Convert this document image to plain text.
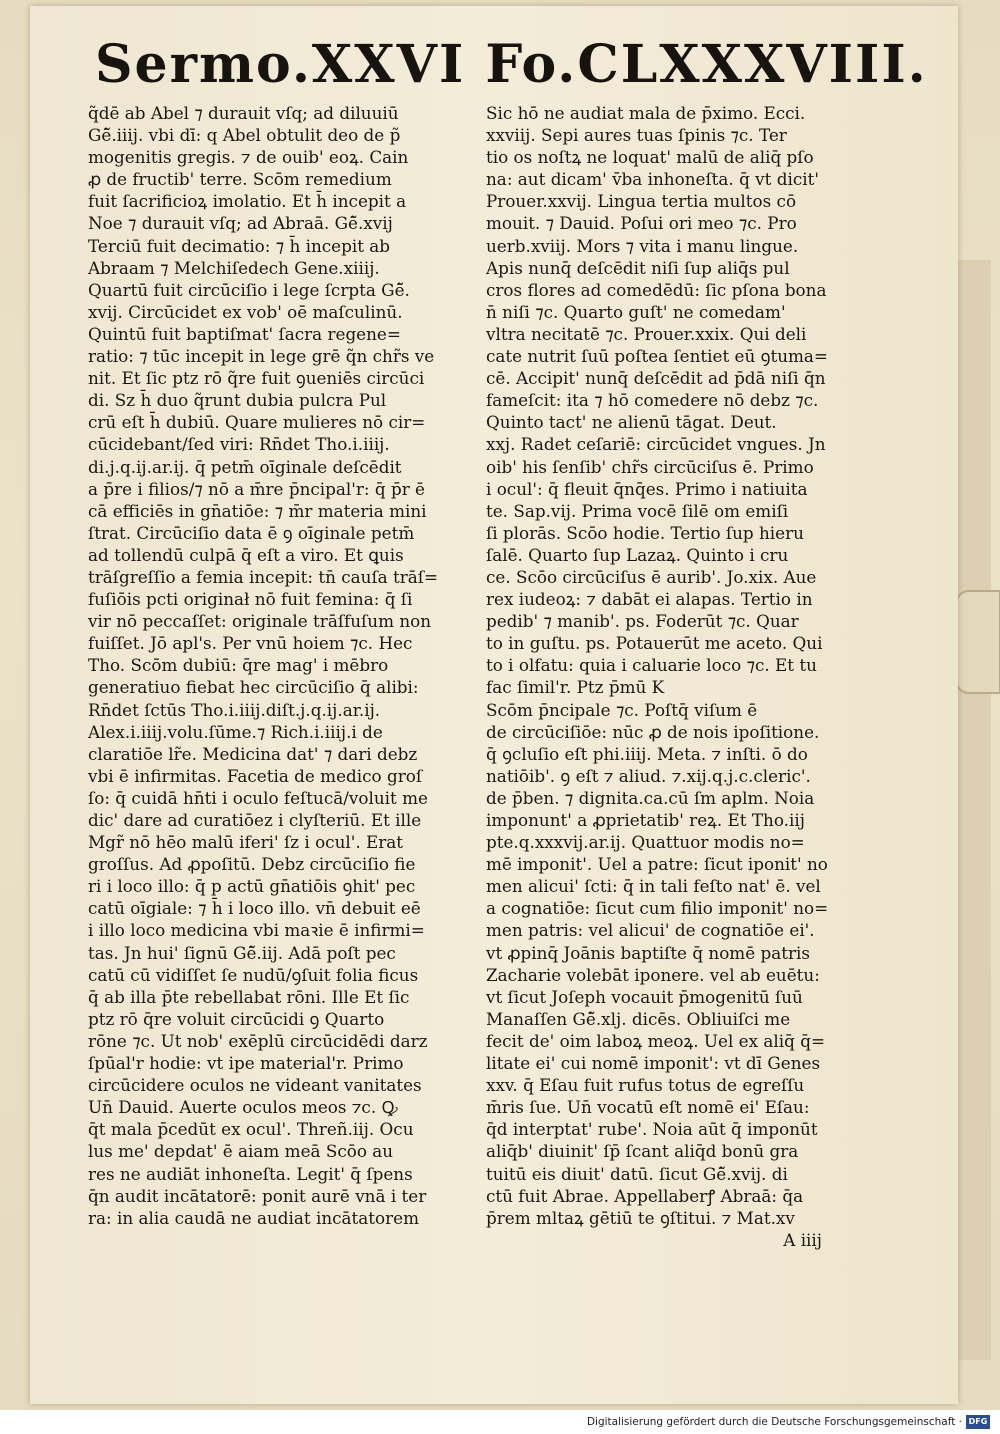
Sermo.XXVI Fo.CLXXXVIII.
q̃dē ab Abel ⁊ durauit vſq; ad diluuiū
Gē̃.iiij. vbi dī: q Abel obtulit deo de p̃
mogenitis gregis. ⁊ de ouib' eoꝝ. Cain
ꝓ de fructib' terre. Scōm remedium
fuit ſacrificioꝝ imolatio. Et h̄ incepit a
Noe ⁊ durauit vſq; ad Abraā. Gē̃.xvij
Terciū fuit decimatio: ⁊ h̄ incepit ab
Abraam ⁊ Melchiſedech Gene.xiiij.
Quartū fuit circūciſio i lege ſcrpta Gē̃.
xvij. Circūcidet ex vob' oē maſculinū.
Quintū fuit baptiſmat' ſacra regene=
ratio: ⁊ tūc incepit in lege grē q̃n chr̃s ve
nit. Et ſic ptz rō q̃re fuit ꝯueniēs circūci
di. Sz h̄ duo q̃runt dubia pulcra Pul
crū eſt h̄ dubiū. Quare mulieres nō cir=
cūcidebant/ſed viri: Rn̄det Tho.i.iiij.
di.j.q.ij.ar.ij. q̄ petm̄ oīginale deſcēdit
a p̄re i filios/⁊ nō a m̄re p̄ncipal'r: q̄ p̄r ē
cā efficiēs in gn̄atiōe: ⁊ m̄r materia mini
ſtrat. Circūciſio data ē ꝯ oīginale petm̄
ad tollendū culpā q̄ eſt a viro. Et ꝗuis
trāſgreſſio a femia incepit: tn̄ cauſa trāſ=
fuſiōis pcti originał nō fuit femina: q̄ ſi
vir nō peccaſſet: originale trāſfuſum non
fuiſſet. Jō apl's. Per vnū hoiem ⁊c. Hec
Tho. Scōm dubiū: q̄re mag' i mēbro
generatiuo fiebat hec circūciſio q̄ alibi:
Rn̄det ſctūs Tho.i.iiij.diſt.j.q.ij.ar.ij.
Alex.i.iiij.volu.ſūme.⁊ Rich.i.iiij.i de
claratiōe lr̃e. Medicina dat' ⁊ dari debz
vbi ē infirmitas. Facetia de medico groſ
ſo: q̄ cuidā hn̄ti i oculo feſtucā/voluit me
dic' dare ad curatiōez i clyſteriū. Et ille
Mgr̃ nō hēo malū iferi' ſz i ocul'. Erat
groſſus. Ad ꝓpoſitū. Debz circūciſio fie
ri i loco illo: q̄ p actū gn̄atiōis ꝯhit' pec
catū oīgiale: ⁊ h̄ i loco illo. vn̄ debuit eē
i illo loco medicina vbi maꝛie ē infirmi=
tas. Jn hui' ſignū Gē̃.iij. Adā poſt pec
catū cū vidiſſet ſe nudū/ꝯſuit folia ficus
q̄ ab illa p̄te rebellabat rōni. Ille Et ſic
ptz rō q̄re voluit circūcidi ꝯ Quarto
rōne ⁊c. Ut nob' exēplū circūcidēdi darz
ſpūal'r hodie: vt ipe material'r. Primo
circūcidere oculos ne videant vanitates
Un̄ Dauid. Auerte oculos meos ⁊c. Ꝙ
q̄t mala p̄cedūt ex ocul'. Threñ.iij. Ocu
lus me' depdat' ē aiam meā Scōo au
res ne audiāt inhoneſta. Legit' q̄ ſpens
q̄n audit incātatorē: ponit aurē vnā i ter
ra: in alia caudā ne audiat incātatorem
Sic hō ne audiat mala de p̄ximo. Ecci.
xxviij. Sepi aures tuas ſpinis ⁊c. Ter
tio os noſtꝝ ne loquat' malū de aliq̄ pſo
na: aut dicam' v̄ba inhoneſta. q̄ vt dicit'
Prouer.xxvij. Lingua tertia multos cō
mouit. ⁊ Dauid. Poſui ori meo ⁊c. Pro
uerb.xviij. Mors ⁊ vita i manu lingue.
Apis nunq̄ deſcēdit niſi ſup aliq̄s pul
cros flores ad comedēdū: ſic pſona bona
n̄ niſi ⁊c. Quarto guſt' ne comedam'
vltra necitatē ⁊c. Prouer.xxix. Qui deli
cate nutrit ſuū poſtea ſentiet eū ꝯtuma=
cē. Accipit' nunq̄ deſcēdit ad p̄dā niſi q̄n
fameſcit: ita ⁊ hō comedere nō debz ⁊c.
Quinto tact' ne alienū tāgat. Deut.
xxj. Radet ceſariē: circūcidet vngues. Jn
oib' his ſenſib' chr̃s circūciſus ē. Primo
i ocul': q̄ fleuit q̄nq̄es. Primo i natiuita
te. Sap.vij. Prima vocē ſilē om emiſi
ſi plorās. Scōo hodie. Tertio ſup hieru
ſalē. Quarto ſup Lazaꝝ. Quinto i cru
ce. Scōo circūciſus ē aurib'. Jo.xix. Aue
rex iudeoꝝ: ⁊ dabāt ei alapas. Tertio in
pedib' ⁊ manib'. ps. Foderūt ⁊c. Quar
to in guſtu. ps. Potauerūt me aceto. Qui
to i olfatu: quia i caluarie loco ⁊c. Et tu
fac ſimil'r. Ptz p̄mū K
Scōm p̄ncipale ⁊c. Poſtq̄ viſum ē
de circūciſiōe: nūc ꝓ de nois ipoſitione.
q̄ ꝯcluſio eſt phi.iiij. Meta. ⁊ inſti. ō do
natiōib'. ꝯ eſt ⁊ aliud. ⁊.xij.q.j.c.cleric'.
de p̄ben. ⁊ dignita.ca.cū ſm aplm. Noia
imponunt' a ꝓprietatib' reꝝ. Et Tho.iij
pte.q.xxxvij.ar.ij. Quattuor modis no=
mē imponit'. Uel a patre: ſicut iponit' no
men alicui' ſcti: q̄ in tali feſto nat' ē. vel
a cognatiōe: ſicut cum filio imponit' no=
men patris: vel alicui' de cognatiōe ei'.
vt ꝓpinq̄ Joānis baptiſte q̄ nomē patris
Zacharie volebāt iponere. vel ab euētu:
vt ſicut Joſeph vocauit p̄mogenitū ſuū
Manaſſen Gē̃.xlj. dicēs. Obliuiſci me
fecit de' oim laboꝝ meoꝝ. Uel ex aliq̄ q̄=
litate ei' cui nomē imponit': vt dī Genes
xxv. q̄ Eſau fuit rufus totus de egreſſu
m̄ris ſue. Un̄ vocatū eſt nomē ei' Eſau:
q̄d interptat' rube'. Noia aūt q̄ imponūt
aliq̄b' diuinit' ſp̄ ſcant aliq̄d bonū gra
tuitū eis diuit' datū. ſicut Gē̃.xvij. di
ctū fuit Abrae. Appellaberꝭ Abraā: q̄a
p̄rem mltaꝝ gētiū te ꝯſtitui. ⁊ Mat.xv
A iiij
Digitalisierung gefördert durch die Deutsche Forschungsgemeinschaft · DFG
